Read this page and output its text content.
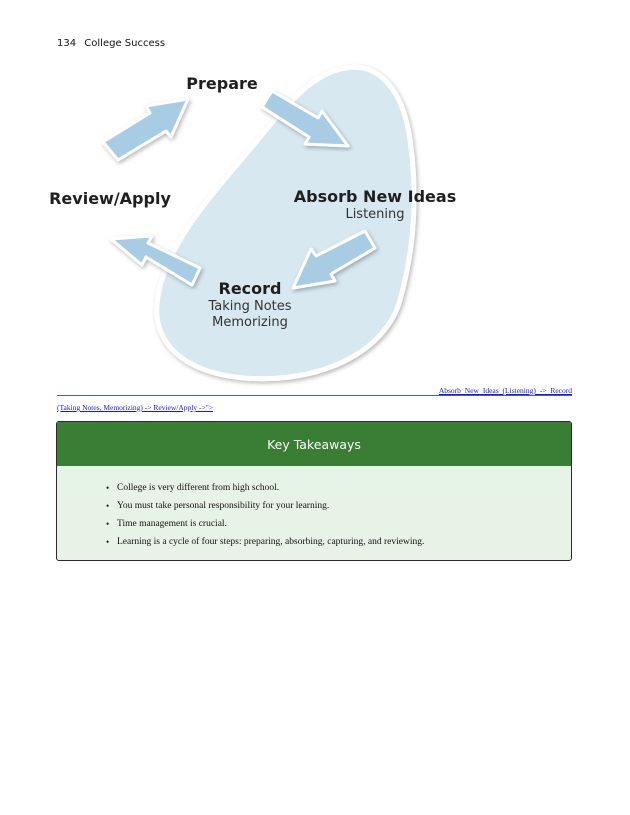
134 College Success
Prepare
Absorb New Ideas
Listening
Record
Taking Notes
Memorizing
Review/Apply
Absorb New Ideas (Listening) -> Record
(Taking Notes, Memorizing) -> Review/Apply ->">
Key Takeaways
• College is very different from high school.
• You must take personal responsibility for your learning.
• Time management is crucial.
• Learning is a cycle of four steps: preparing, absorbing, capturing, and reviewing.
